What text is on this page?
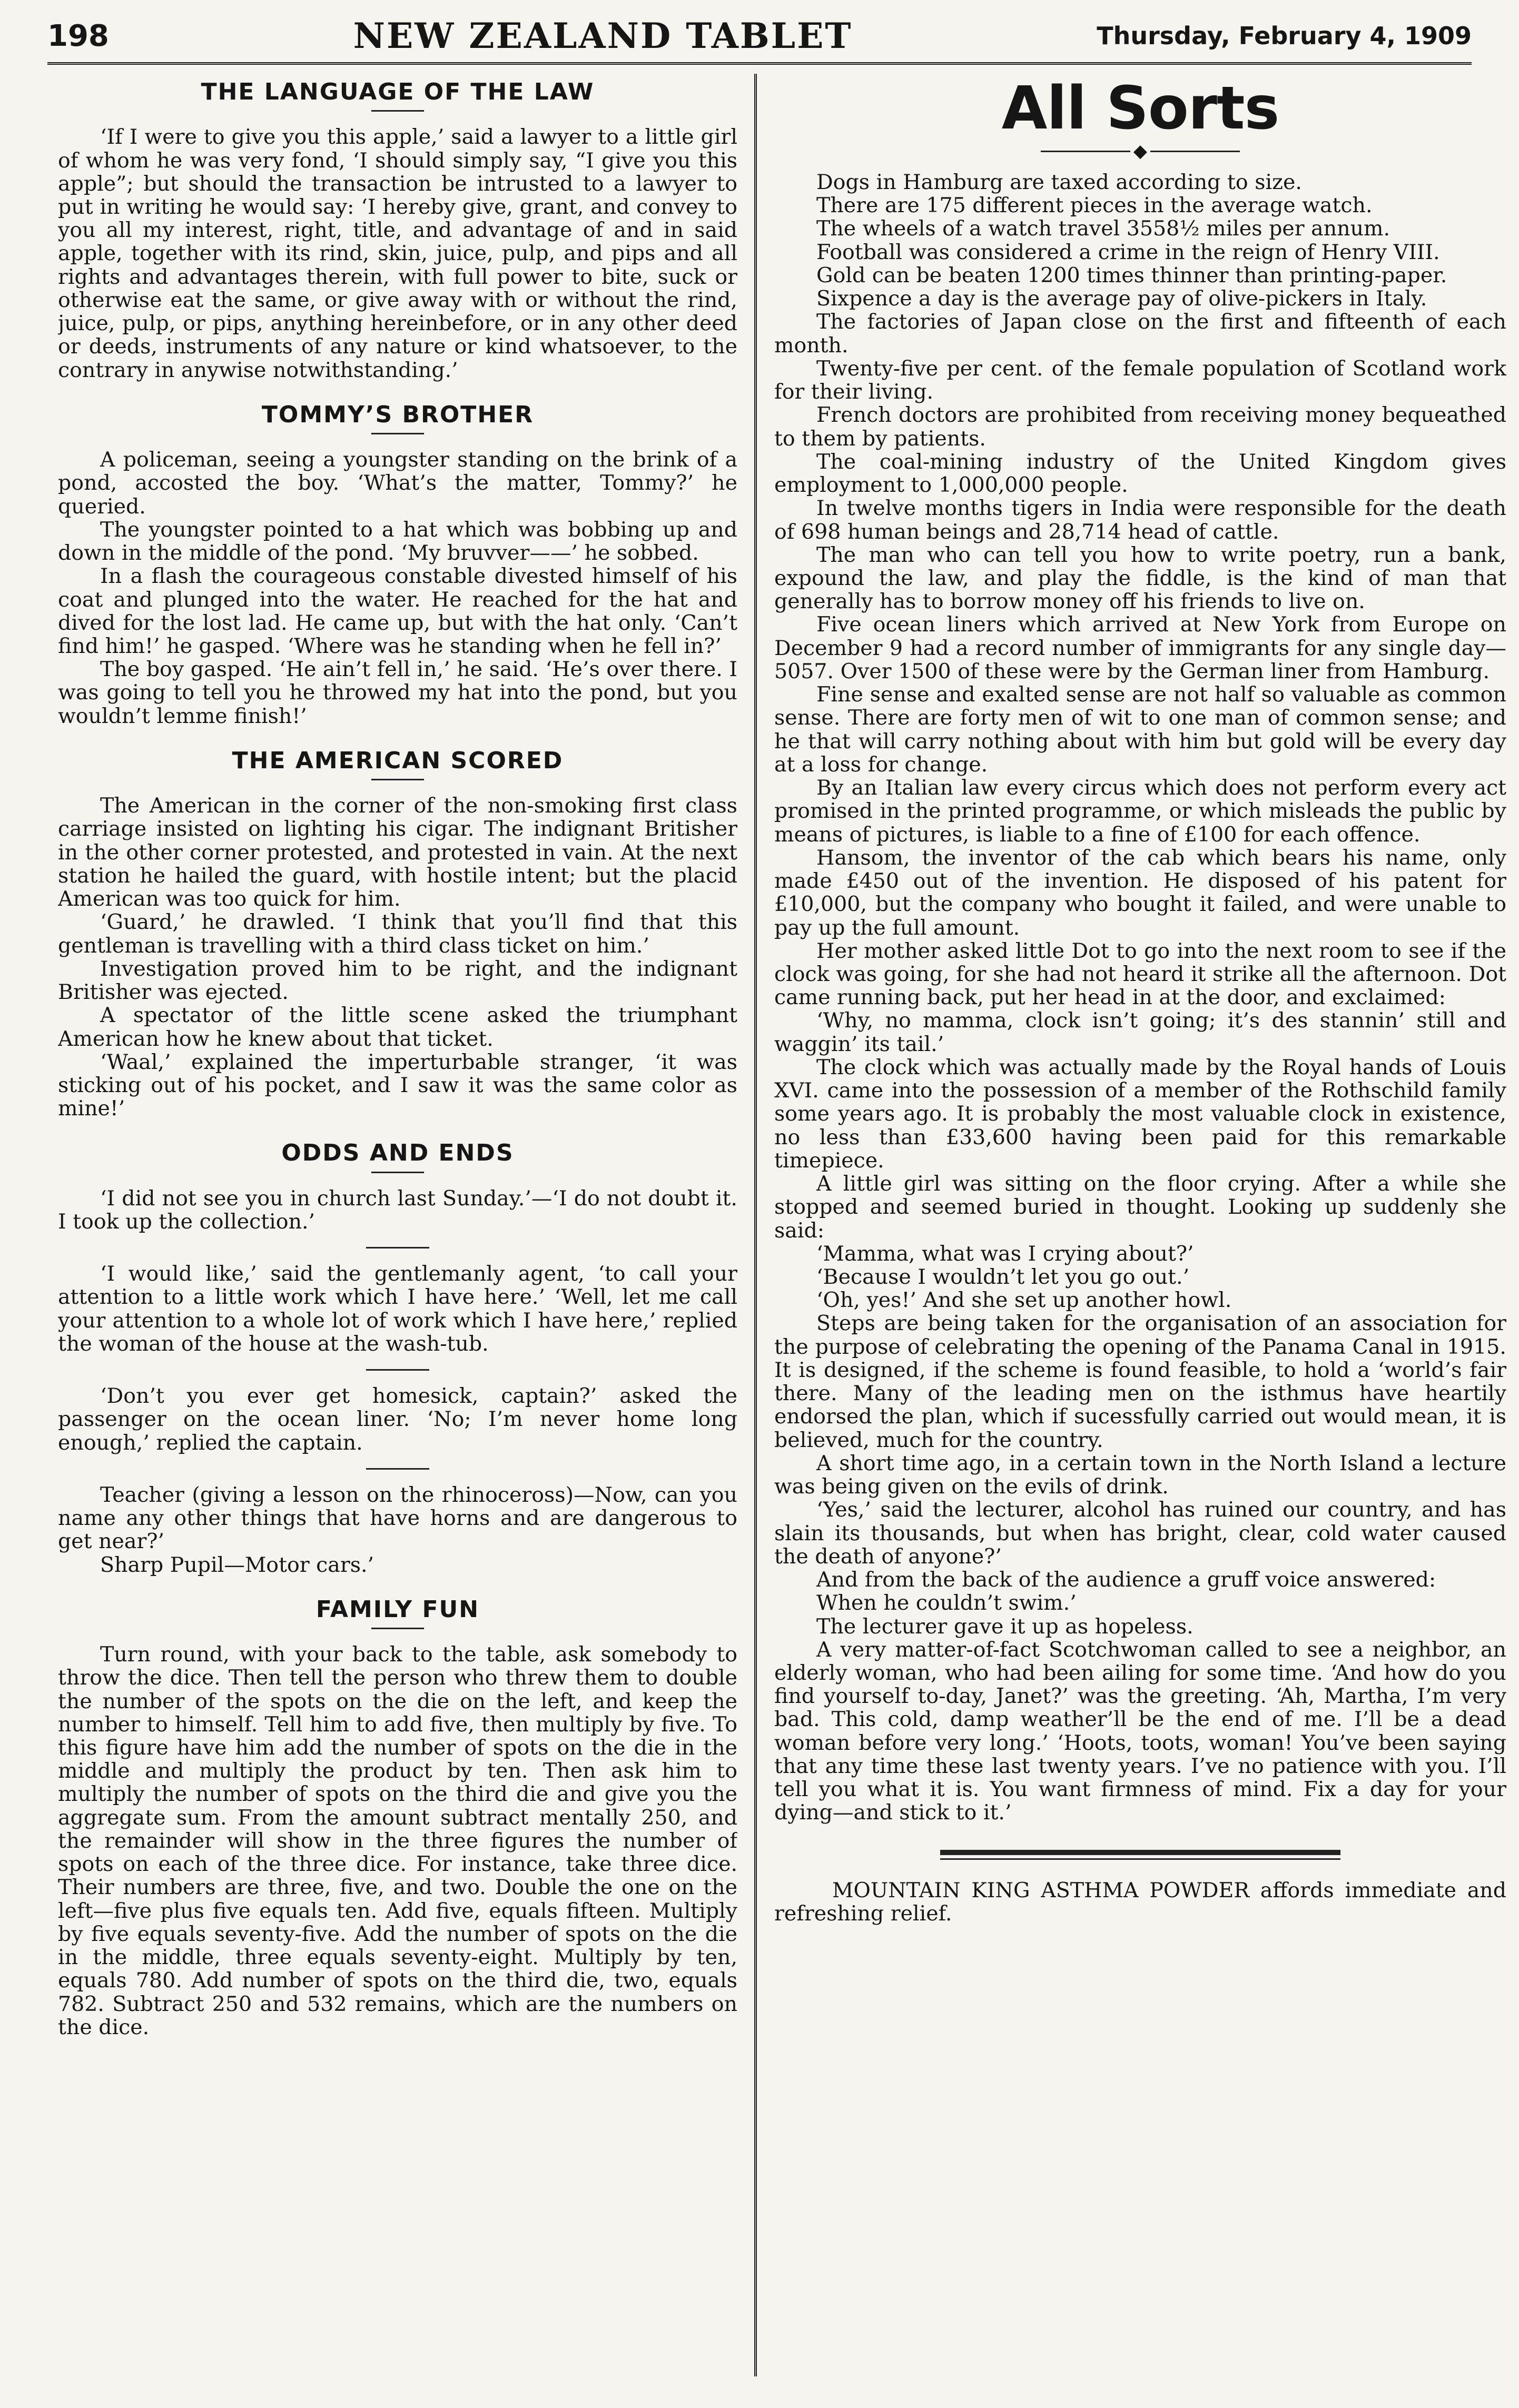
198	NEW ZEALAND TABLET	Thursday, February 4, 1909
THE LANGUAGE OF THE LAW

‘If I were to give you this apple,’ said a lawyer to a little girl of whom he was very fond, ‘I should simply say, “I give you this apple”; but should the transaction be intrusted to a lawyer to put in writing he would say: ‘I hereby give, grant, and convey to you all my interest, right, title, and advantage of and in said apple, together with its rind, skin, juice, pulp, and pips and all rights and advantages therein, with full power to bite, suck or otherwise eat the same, or give away with or without the rind, juice, pulp, or pips, anything hereinbefore, or in any other deed or deeds, instruments of any nature or kind whatsoever, to the contrary in anywise notwithstanding.’

TOMMY’S BROTHER

A policeman, seeing a youngster standing on the brink of a pond, accosted the boy. ‘What’s the matter, Tommy?’ he queried.

The youngster pointed to a hat which was bobbing up and down in the middle of the pond. ‘My bruvver——’ he sobbed.

In a flash the courageous constable divested himself of his coat and plunged into the water. He reached for the hat and dived for the lost lad. He came up, but with the hat only. ‘Can’t find him!’ he gasped. ‘Where was he standing when he fell in?’

The boy gasped. ‘He ain’t fell in,’ he said. ‘He’s over there. I was going to tell you he throwed my hat into the pond, but you wouldn’t lemme finish!’

THE AMERICAN SCORED

The American in the corner of the non-smoking first class carriage insisted on lighting his cigar. The indignant Britisher in the other corner protested, and protested in vain. At the next station he hailed the guard, with hostile intent; but the placid American was too quick for him.

‘Guard,’ he drawled. ‘I think that you’ll find that this gentleman is travelling with a third class ticket on him.’

Investigation proved him to be right, and the indignant Britisher was ejected.

A spectator of the little scene asked the triumphant American how he knew about that ticket.

‘Waal,’ explained the imperturbable stranger, ‘it was sticking out of his pocket, and I saw it was the same color as mine!’

ODDS AND ENDS

‘I did not see you in church last Sunday.’—‘I do not doubt it. I took up the collection.’

‘I would like,’ said the gentlemanly agent, ‘to call your attention to a little work which I have here.’ ‘Well, let me call your attention to a whole lot of work which I have here,’ replied the woman of the house at the wash-tub.

‘Don’t you ever get homesick, captain?’ asked the passenger on the ocean liner. ‘No; I’m never home long enough,’ replied the captain.

Teacher (giving a lesson on the rhinoceross)—Now, can you name any other things that have horns and are dangerous to get near?’

Sharp Pupil—Motor cars.’

FAMILY FUN

Turn round, with your back to the table, ask somebody to throw the dice. Then tell the person who threw them to double the number of the spots on the die on the left, and keep the number to himself. Tell him to add five, then multiply by five. To this figure have him add the number of spots on the die in the middle and multiply the product by ten. Then ask him to multiply the number of spots on the third die and give you the aggregate sum. From the amount subtract mentally 250, and the remainder will show in the three figures the number of spots on each of the three dice. For instance, take three dice. Their numbers are three, five, and two. Double the one on the left—five plus five equals ten. Add five, equals fifteen. Multiply by five equals seventy-five. Add the number of spots on the die in the middle, three equals seventy-eight. Multiply by ten, equals 780. Add number of spots on the third die, two, equals 782. Subtract 250 and 532 remains, which are the numbers on the dice.

All Sorts
◆

Dogs in Hamburg are taxed according to size.

There are 175 different pieces in the average watch.

The wheels of a watch travel 3558½ miles per annum.

Football was considered a crime in the reign of Henry VIII.

Gold can be beaten 1200 times thinner than printing-paper.

Sixpence a day is the average pay of olive-pickers in Italy.

The factories of Japan close on the first and fifteenth of each month.

Twenty-five per cent. of the female population of Scotland work for their living.

French doctors are prohibited from receiving money bequeathed to them by patients.

The coal-mining industry of the United Kingdom gives employment to 1,000,000 people.

In twelve months tigers in India were responsible for the death of 698 human beings and 28,714 head of cattle.

The man who can tell you how to write poetry, run a bank, expound the law, and play the fiddle, is the kind of man that generally has to borrow money off his friends to live on.

Five ocean liners which arrived at New York from Europe on December 9 had a record number of immigrants for any single day—5057. Over 1500 of these were by the German liner from Hamburg.

Fine sense and exalted sense are not half so valuable as common sense. There are forty men of wit to one man of common sense; and he that will carry nothing about with him but gold will be every day at a loss for change.

By an Italian law every circus which does not perform every act promised in the printed programme, or which misleads the public by means of pictures, is liable to a fine of £100 for each offence.

Hansom, the inventor of the cab which bears his name, only made £450 out of the invention. He disposed of his patent for £10,000, but the company who bought it failed, and were unable to pay up the full amount.

Her mother asked little Dot to go into the next room to see if the clock was going, for she had not heard it strike all the afternoon. Dot came running back, put her head in at the door, and exclaimed:

‘Why, no mamma, clock isn’t going; it’s des stannin’ still and waggin’ its tail.’

The clock which was actually made by the Royal hands of Louis XVI. came into the possession of a member of the Rothschild family some years ago. It is probably the most valuable clock in existence, no less than £33,600 having been paid for this remarkable timepiece.

A little girl was sitting on the floor crying. After a while she stopped and seemed buried in thought. Looking up suddenly she said:

‘Mamma, what was I crying about?’

‘Because I wouldn’t let you go out.’

‘Oh, yes!’ And she set up another howl.

Steps are being taken for the organisation of an association for the purpose of celebrating the opening of the Panama Canal in 1915. It is designed, if the scheme is found feasible, to hold a ‘world’s fair there. Many of the leading men on the isthmus have heartily endorsed the plan, which if sucessfully carried out would mean, it is believed, much for the country.

A short time ago, in a certain town in the North Island a lecture was being given on the evils of drink.

‘Yes,’ said the lecturer, alcohol has ruined our country, and has slain its thousands, but when has bright, clear, cold water caused the death of anyone?’

And from the back of the audience a gruff voice answered:

When he couldn’t swim.’

The lecturer gave it up as hopeless.

A very matter-of-fact Scotchwoman called to see a neighbor, an elderly woman, who had been ailing for some time. ‘And how do you find yourself to-day, Janet?’ was the greeting. ‘Ah, Martha, I’m very bad. This cold, damp weather’ll be the end of me. I’ll be a dead woman before very long.’ ‘Hoots, toots, woman! You’ve been saying that any time these last twenty years. I’ve no patience with you. I’ll tell you what it is. You want firmness of mind. Fix a day for your dying—and stick to it.’

MOUNTAIN KING ASTHMA POWDER affords immediate and refreshing relief.
